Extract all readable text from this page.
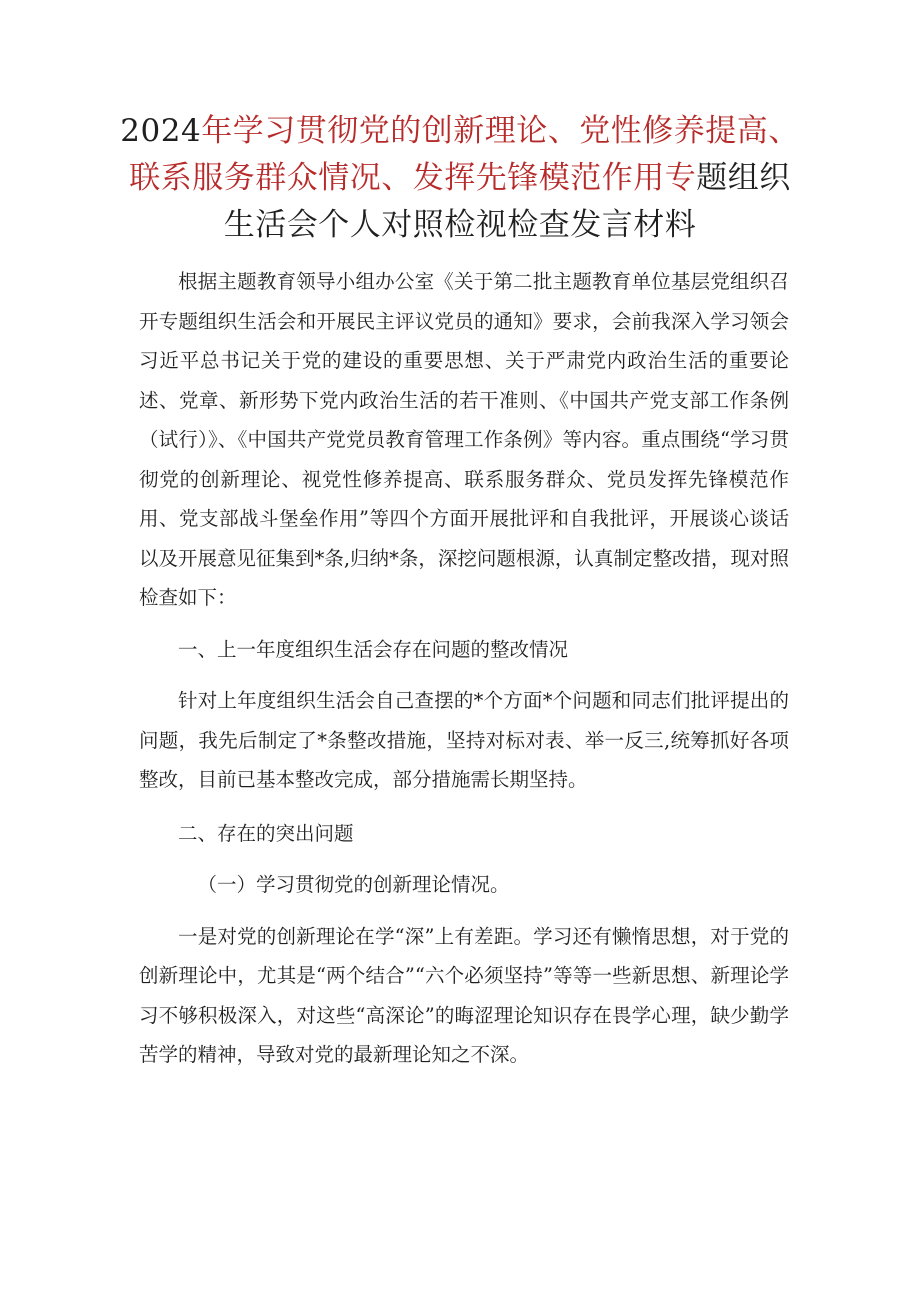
2024年学习贯彻党的创新理论、党性修养提高、联系服务群众情况、发挥先锋模范作用专题组织生活会个人对照检视检查发言材料

根据主题教育领导小组办公室《关于第二批主题教育单位基层党组织召开专题组织生活会和开展民主评议党员的通知》要求，会前我深入学习领会习近平总书记关于党的建设的重要思想、关于严肃党内政治生活的重要论述、党章、新形势下党内政治生活的若干准则、《中国共产党支部工作条例（试行）》、《中国共产党党员教育管理工作条例》等内容。重点围绕“学习贯彻党的创新理论、视党性修养提高、联系服务群众、党员发挥先锋模范作用、党支部战斗堡垒作用”等四个方面开展批评和自我批评，开展谈心谈话以及开展意见征集到*条,归纳*条，深挖问题根源，认真制定整改措，现对照检查如下：

一、上一年度组织生活会存在问题的整改情况

针对上年度组织生活会自己查摆的*个方面*个问题和同志们批评提出的问题，我先后制定了*条整改措施，坚持对标对表、举一反三,统筹抓好各项整改，目前已基本整改完成，部分措施需长期坚持。

二、存在的突出问题

（一）学习贯彻党的创新理论情况。

一是对党的创新理论在学“深”上有差距。学习还有懒惰思想，对于党的创新理论中，尤其是“两个结合”“六个必须坚持”等等一些新思想、新理论学习不够积极深入，对这些“高深论”的晦涩理论知识存在畏学心理，缺少勤学苦学的精神，导致对党的最新理论知之不深。
